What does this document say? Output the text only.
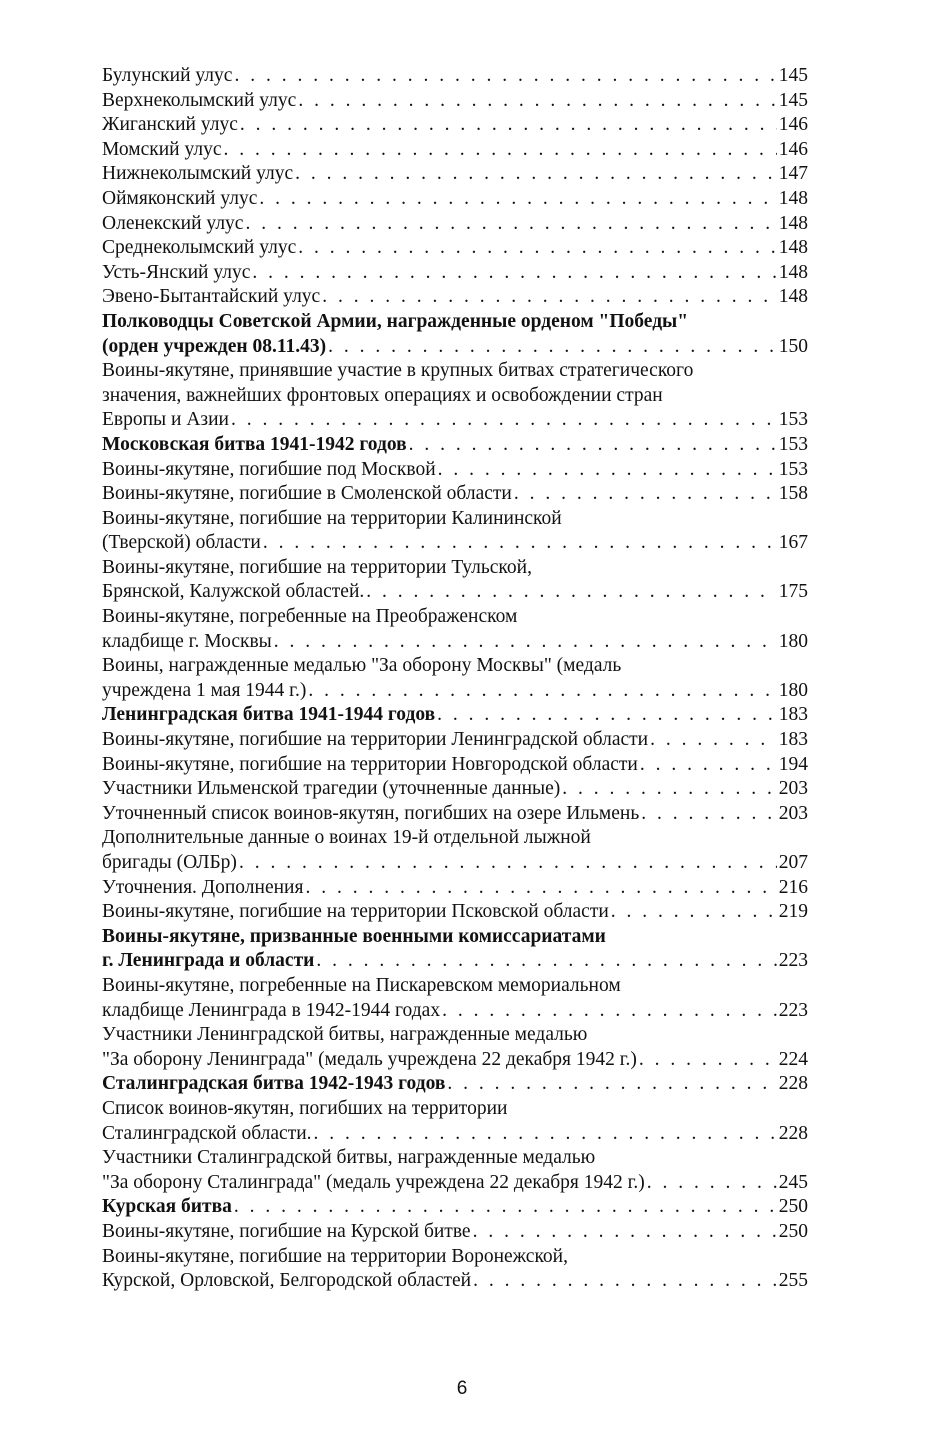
Булунский улус . . .	145
Верхнеколымский улус . . .	145
Жиганский улус . . .	146
Момский улус . . .	146
Нижнеколымский улус . . .	147
Оймяконский улус . . .	148
Оленекский улус . . .	148
Среднеколымский улус . . .	148
Усть-Янский улус . . .	148
Эвено-Бытантайский улус . . .	148
Полководцы Советской Армии, награжденные орденом "Победы"
(орден учрежден 08.11.43) . . .	150
Воины-якутяне, принявшие участие в крупных битвах стратегического
значения, важнейших фронтовых операциях и освобождении стран
Европы и Азии . . .	153
Московская битва 1941-1942 годов . . .	153
Воины-якутяне, погибшие под Москвой . . .	153
Воины-якутяне, погибшие в Смоленской области . . .	158
Воины-якутяне, погибшие на территории Калининской
(Тверской) области . . .	167
Воины-якутяне, погибшие на территории Тульской,
Брянской, Калужской областей. . . .	175
Воины-якутяне, погребенные на Преображенском
кладбище г. Москвы . . .	180
Воины, награжденные медалью "За оборону Москвы" (медаль
учреждена 1 мая 1944 г.) . . .	180
Ленинградская битва 1941-1944 годов . . .	183
Воины-якутяне, погибшие на территории Ленинградской области . . .	183
Воины-якутяне, погибшие на территории Новгородской области . . .	194
Участники Ильменской трагедии (уточненные данные) . . .	203
Уточненный список воинов-якутян, погибших на озере Ильмень . . .	203
Дополнительные данные о воинах 19-й отдельной лыжной
бригады (ОЛБр) . . .	207
Уточнения. Дополнения . . .	216
Воины-якутяне, погибшие на территории Псковской области . . .	219
Воины-якутяне, призванные военными комиссариатами
г. Ленинграда и области . . .	223
Воины-якутяне, погребенные на Пискаревском мемориальном
кладбище Ленинграда в 1942-1944 годах . . .	223
Участники Ленинградской битвы, награжденные медалью
"За оборону Ленинграда" (медаль учреждена 22 декабря 1942 г.) . . .	224
Сталинградская битва 1942-1943 годов . . .	228
Список воинов-якутян, погибших на территории
Сталинградской области. . . .	228
Участники Сталинградской битвы, награжденные медалью
"За оборону Сталинграда" (медаль учреждена 22 декабря 1942 г.) . . .	245
Курская битва . . .	250
Воины-якутяне, погибшие на Курской битве . . .	250
Воины-якутяне, погибшие на территории Воронежской,
Курской, Орловской, Белгородской областей . . .	255
6
